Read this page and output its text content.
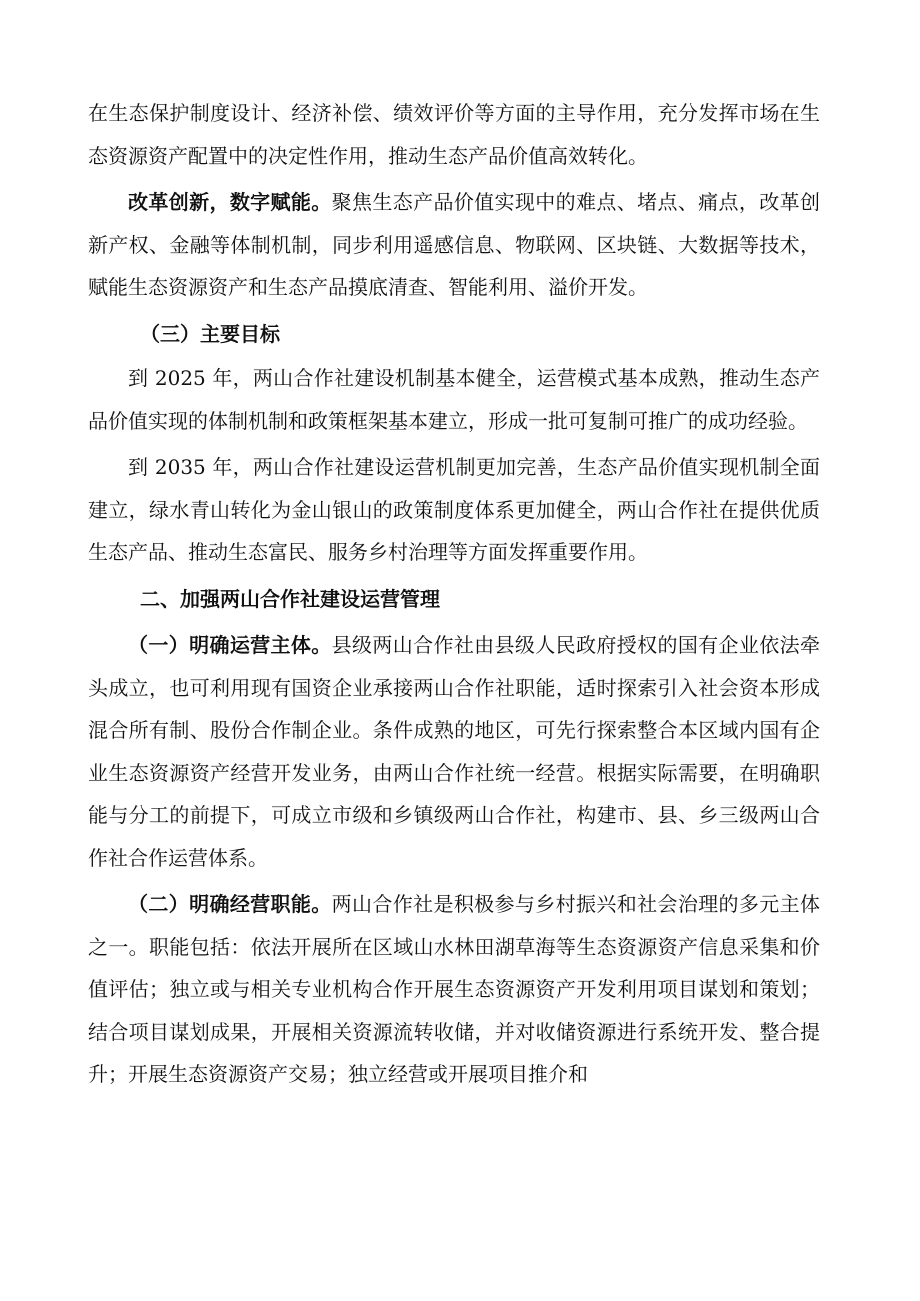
在生态保护制度设计、经济补偿、绩效评价等方面的主导作用，充分发挥市场在生态资源资产配置中的决定性作用，推动生态产品价值高效转化。

改革创新，数字赋能。聚焦生态产品价值实现中的难点、堵点、痛点，改革创新产权、金融等体制机制，同步利用遥感信息、物联网、区块链、大数据等技术，赋能生态资源资产和生态产品摸底清查、智能利用、溢价开发。

（三）主要目标

到 2025 年，两山合作社建设机制基本健全，运营模式基本成熟，推动生态产品价值实现的体制机制和政策框架基本建立，形成一批可复制可推广的成功经验。

到 2035 年，两山合作社建设运营机制更加完善，生态产品价值实现机制全面建立，绿水青山转化为金山银山的政策制度体系更加健全，两山合作社在提供优质生态产品、推动生态富民、服务乡村治理等方面发挥重要作用。

二、加强两山合作社建设运营管理

（一）明确运营主体。县级两山合作社由县级人民政府授权的国有企业依法牵头成立，也可利用现有国资企业承接两山合作社职能，适时探索引入社会资本形成混合所有制、股份合作制企业。条件成熟的地区，可先行探索整合本区域内国有企业生态资源资产经营开发业务，由两山合作社统一经营。根据实际需要，在明确职能与分工的前提下，可成立市级和乡镇级两山合作社，构建市、县、乡三级两山合作社合作运营体系。

（二）明确经营职能。两山合作社是积极参与乡村振兴和社会治理的多元主体之一。职能包括：依法开展所在区域山水林田湖草海等生态资源资产信息采集和价值评估；独立或与相关专业机构合作开展生态资源资产开发利用项目谋划和策划；结合项目谋划成果，开展相关资源流转收储，并对收储资源进行系统开发、整合提升；开展生态资源资产交易；独立经营或开展项目推介和
